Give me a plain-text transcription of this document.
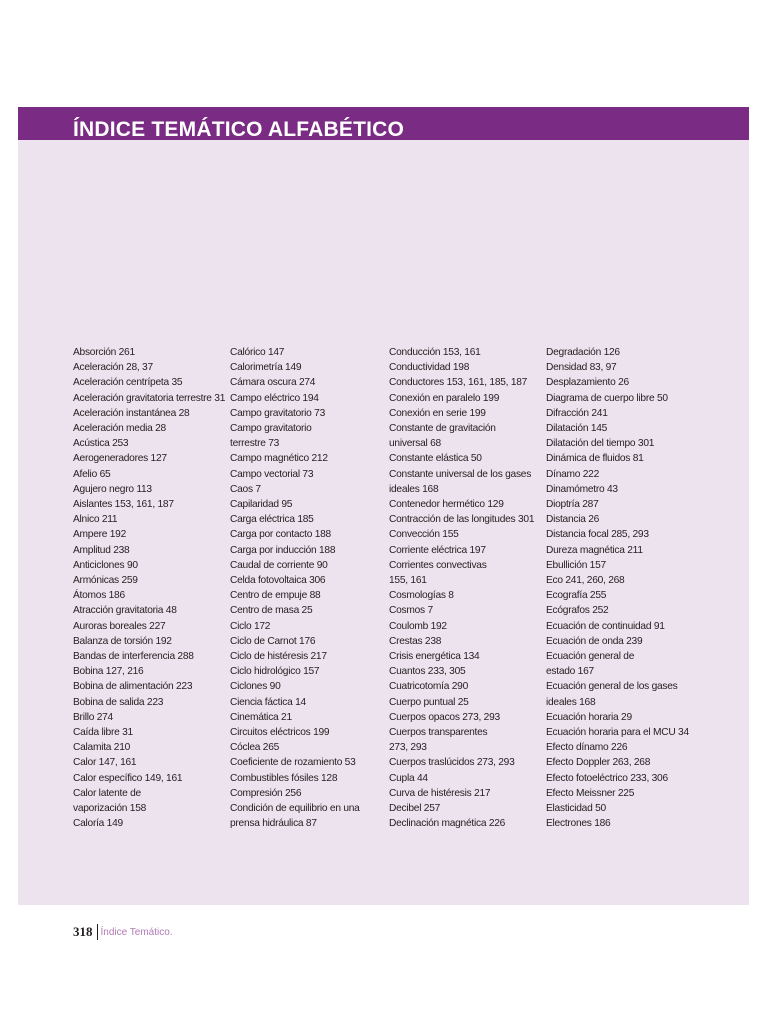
ÍNDICE TEMÁTICO ALFABÉTICO
Absorción 261
Aceleración 28, 37
Aceleración centrípeta 35
Aceleración gravitatoria terrestre 31
Aceleración instantánea 28
Aceleración media 28
Acústica 253
Aerogeneradores 127
Afelio 65
Agujero negro 113
Aislantes 153, 161, 187
Alnico 211
Ampere 192
Amplitud 238
Anticiclones 90
Armónicas 259
Átomos 186
Atracción gravitatoria 48
Auroras boreales 227
Balanza de torsión 192
Bandas de interferencia 288
Bobina 127, 216
Bobina de alimentación 223
Bobina de salida 223
Brillo 274
Caída libre 31
Calamita 210
Calor 147, 161
Calor específico 149, 161
Calor latente de
vaporización 158
Caloría 149
Calórico 147
Calorimetría 149
Cámara oscura 274
Campo eléctrico 194
Campo gravitatorio 73
Campo gravitatorio
terrestre 73
Campo magnético 212
Campo vectorial 73
Caos 7
Capilaridad 95
Carga eléctrica 185
Carga por contacto 188
Carga por inducción 188
Caudal de corriente 90
Celda fotovoltaica 306
Centro de empuje 88
Centro de masa 25
Ciclo 172
Ciclo de Carnot 176
Ciclo de histéresis 217
Ciclo hidrológico 157
Ciclones 90
Ciencia fáctica 14
Cinemática 21
Circuitos eléctricos 199
Cóclea 265
Coeficiente de rozamiento 53
Combustibles fósiles 128
Compresión 256
Condición de equilibrio en una
prensa hidráulica 87
Conducción 153, 161
Conductividad 198
Conductores 153, 161, 185, 187
Conexión en paralelo 199
Conexión en serie 199
Constante de gravitación
universal 68
Constante elástica 50
Constante universal de los gases
ideales 168
Contenedor hermético 129
Contracción de las longitudes 301
Convección 155
Corriente eléctrica 197
Corrientes convectivas
155, 161
Cosmologías 8
Cosmos 7
Coulomb 192
Crestas 238
Crisis energética 134
Cuantos 233, 305
Cuatricotomía 290
Cuerpo puntual 25
Cuerpos opacos 273, 293
Cuerpos transparentes
273, 293
Cuerpos traslúcidos 273, 293
Cupla 44
Curva de histéresis 217
Decibel 257
Declinación magnética 226
Degradación 126
Densidad 83, 97
Desplazamiento 26
Diagrama de cuerpo libre 50
Difracción 241
Dilatación 145
Dilatación del tiempo 301
Dinámica de fluidos 81
Dínamo 222
Dinamómetro 43
Dioptría 287
Distancia 26
Distancia focal 285, 293
Dureza magnética 211
Ebullición 157
Eco 241, 260, 268
Ecografía 255
Ecógrafos 252
Ecuación de continuidad 91
Ecuación de onda 239
Ecuación general de
estado 167
Ecuación general de los gases
ideales 168
Ecuación horaria 29
Ecuación horaria para el MCU 34
Efecto dínamo 226
Efecto Doppler 263, 268
Efecto fotoeléctrico 233, 306
Efecto Meissner 225
Elasticidad 50
Electrones 186
318 Índice Temático.
